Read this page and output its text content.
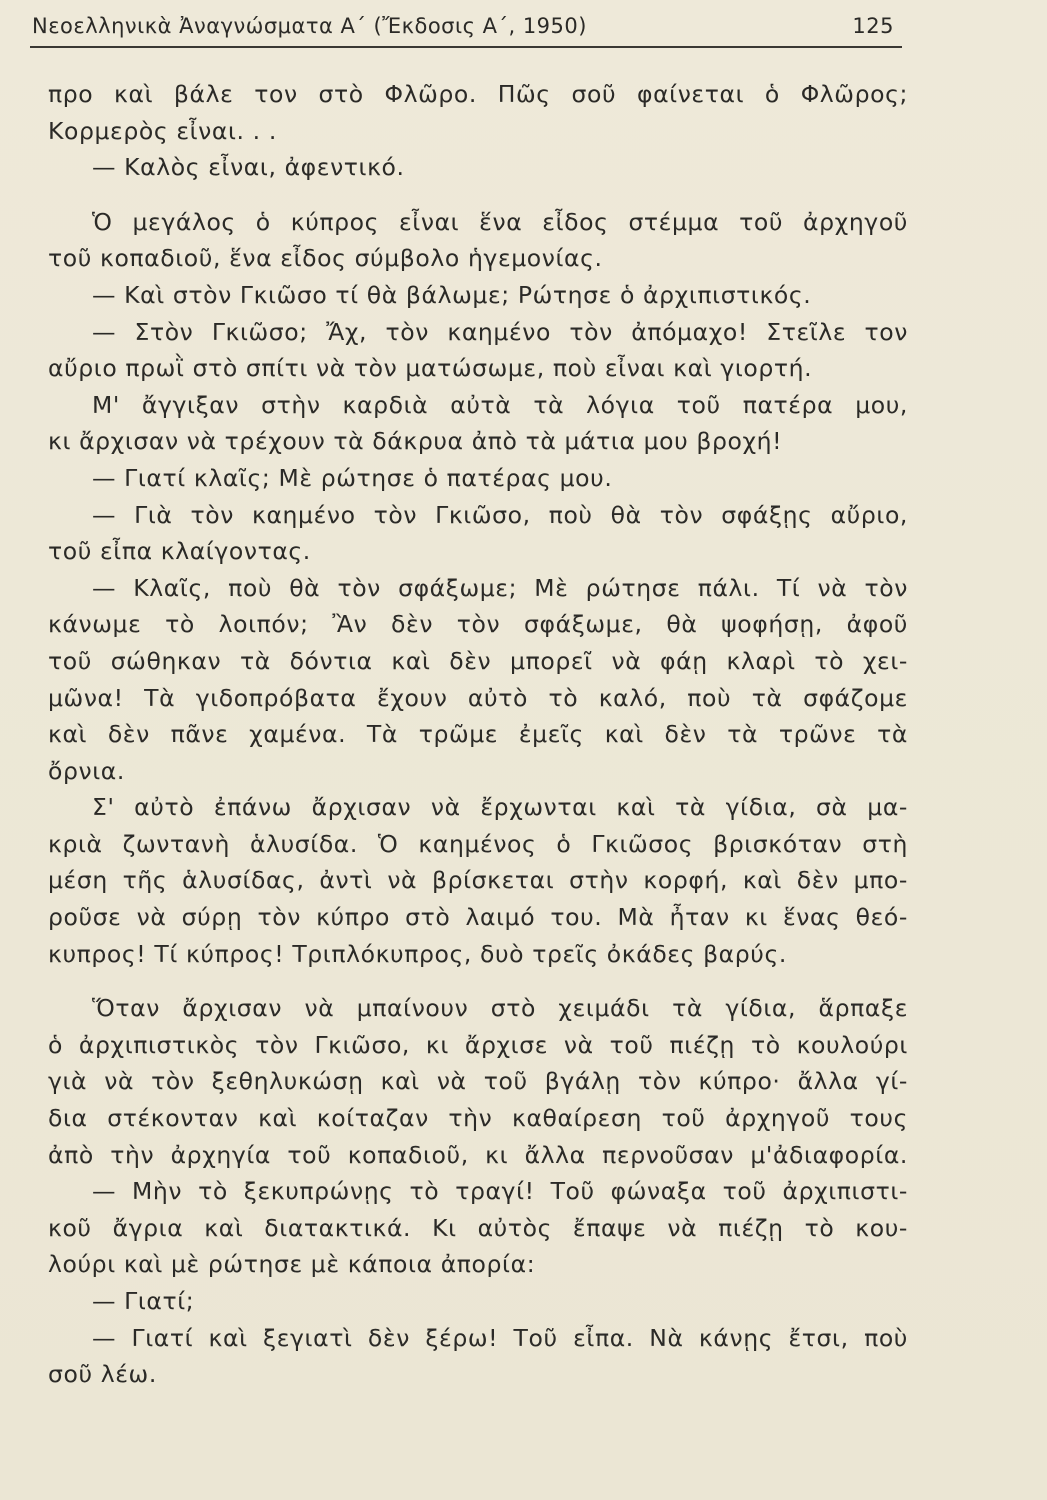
Νεοελληνικὰ Ἀναγνώσματα Α΄ (Ἔκδοσις Α΄, 1950)	125
προ καὶ βάλε τον στὸ Φλῶρο. Πῶς σοῦ φαίνεται ὁ Φλῶρος;
Κορμερὸς εἶναι. . .
— Καλὸς εἶναι, ἀφεντικό.
Ὁ μεγάλος ὁ κύπρος εἶναι ἕνα εἶδος στέμμα τοῦ ἀρχηγοῦ
τοῦ κοπαδιοῦ, ἕνα εἶδος σύμβολο ἡγεμονίας.
— Καὶ στὸν Γκιῶσο τί θὰ βάλωμε; Ρώτησε ὁ ἀρχιπιστικός.
— Στὸν Γκιῶσο; Ἄχ, τὸν καημένο τὸν ἀπόμαχο! Στεῖλε τον
αὔριο πρωῒ στὸ σπίτι νὰ τὸν ματώσωμε, ποὺ εἶναι καὶ γιορτή.
Μ' ἄγγιξαν στὴν καρδιὰ αὐτὰ τὰ λόγια τοῦ πατέρα μου,
κι ἄρχισαν νὰ τρέχουν τὰ δάκρυα ἀπὸ τὰ μάτια μου βροχή!
— Γιατί κλαῖς; Μὲ ρώτησε ὁ πατέρας μου.
— Γιὰ τὸν καημένο τὸν Γκιῶσο, ποὺ θὰ τὸν σφάξῃς αὔριο,
τοῦ εἶπα κλαίγοντας.
— Κλαῖς, ποὺ θὰ τὸν σφάξωμε; Μὲ ρώτησε πάλι. Τί νὰ τὸν
κάνωμε τὸ λοιπόν; Ἂν δὲν τὸν σφάξωμε, θὰ ψοφήσῃ, ἀφοῦ
τοῦ σώθηκαν τὰ δόντια καὶ δὲν μπορεῖ νὰ φάῃ κλαρὶ τὸ χει-
μῶνα! Τὰ γιδοπρόβατα ἔχουν αὐτὸ τὸ καλό, ποὺ τὰ σφάζομε
καὶ δὲν πᾶνε χαμένα. Τὰ τρῶμε ἐμεῖς καὶ δὲν τὰ τρῶνε τὰ
ὄρνια.
Σ' αὐτὸ ἐπάνω ἄρχισαν νὰ ἔρχωνται καὶ τὰ γίδια, σὰ μα-
κριὰ ζωντανὴ ἁλυσίδα. Ὁ καημένος ὁ Γκιῶσος βρισκόταν στὴ
μέση τῆς ἁλυσίδας, ἀντὶ νὰ βρίσκεται στὴν κορφή, καὶ δὲν μπο-
ροῦσε νὰ σύρῃ τὸν κύπρο στὸ λαιμό του. Μὰ ἦταν κι ἕνας θεό-
κυπρος! Τί κύπρος! Τριπλόκυπρος, δυὸ τρεῖς ὀκάδες βαρύς.
Ὅταν ἄρχισαν νὰ μπαίνουν στὸ χειμάδι τὰ γίδια, ἅρπαξε
ὁ ἀρχιπιστικὸς τὸν Γκιῶσο, κι ἄρχισε νὰ τοῦ πιέζῃ τὸ κουλούρι
γιὰ νὰ τὸν ξεθηλυκώσῃ καὶ νὰ τοῦ βγάλῃ τὸν κύπρο· ἄλλα γί-
δια στέκονταν καὶ κοίταζαν τὴν καθαίρεση τοῦ ἀρχηγοῦ τους
ἀπὸ τὴν ἀρχηγία τοῦ κοπαδιοῦ, κι ἄλλα περνοῦσαν μ'ἀδιαφορία.
— Μὴν τὸ ξεκυπρώνῃς τὸ τραγί! Τοῦ φώναξα τοῦ ἀρχιπιστι-
κοῦ ἄγρια καὶ διατακτικά. Κι αὐτὸς ἔπαψε νὰ πιέζῃ τὸ κου-
λούρι καὶ μὲ ρώτησε μὲ κάποια ἀπορία:
— Γιατί;
— Γιατί καὶ ξεγιατὶ δὲν ξέρω! Τοῦ εἶπα. Νὰ κάνῃς ἔτσι, ποὺ
σοῦ λέω.
